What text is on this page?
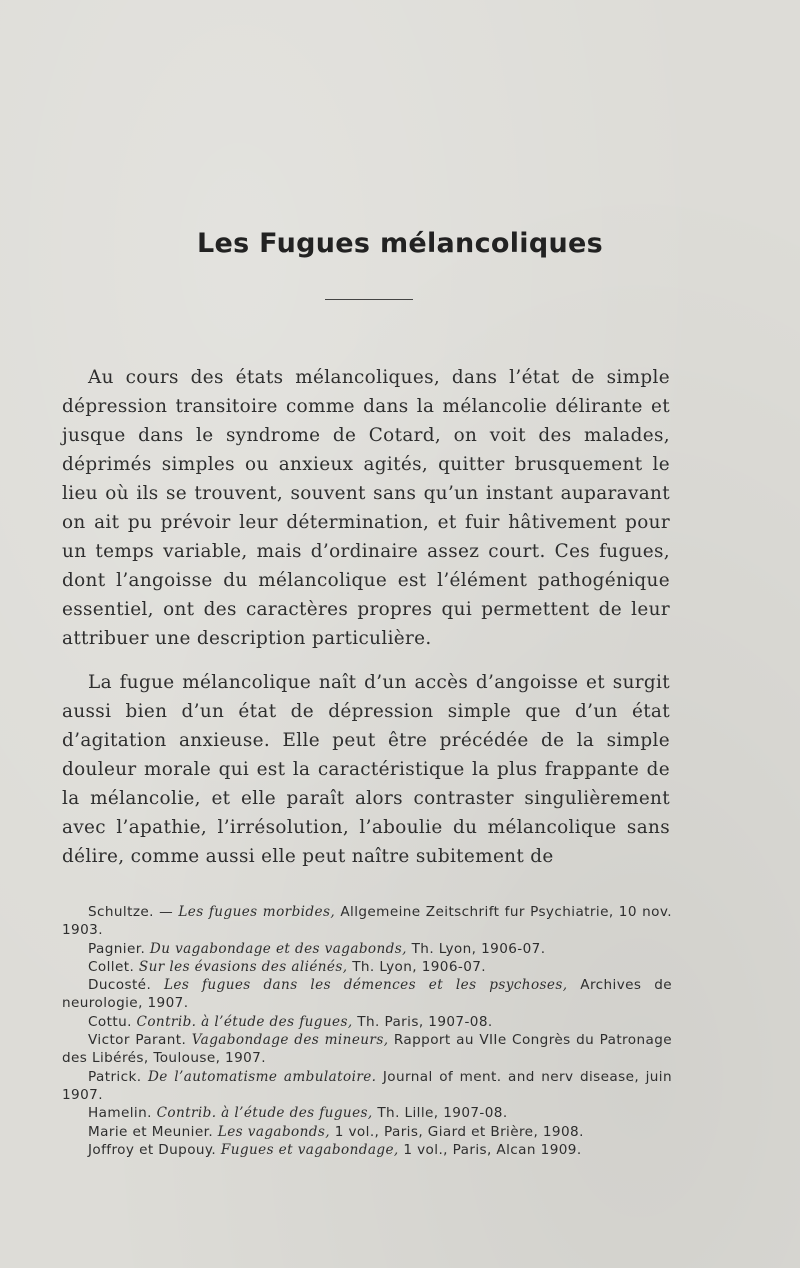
Les Fugues mélancoliques

Au cours des états mélancoliques, dans l’état de simple dépression transitoire comme dans la mélancolie délirante et jusque dans le syndrome de Cotard, on voit des malades, déprimés simples ou anxieux agités, quitter brusquement le lieu où ils se trouvent, souvent sans qu’un instant auparavant on ait pu prévoir leur détermination, et fuir hâtivement pour un temps variable, mais d’ordinaire assez court. Ces fugues, dont l’angoisse du mélancolique est l’élément pathogénique essentiel, ont des caractères propres qui permettent de leur attribuer une description particulière.

La fugue mélancolique naît d’un accès d’angoisse et surgit aussi bien d’un état de dépression simple que d’un état d’agitation anxieuse. Elle peut être précédée de la simple douleur morale qui est la caractéristique la plus frappante de la mélancolie, et elle paraît alors contraster singulièrement avec l’apathie, l’irrésolution, l’aboulie du mélancolique sans délire, comme aussi elle peut naître subitement de

Schultze. — Les fugues morbides, Allgemeine Zeitschrift fur Psychiatrie, 10 nov. 1903.
Pagnier. Du vagabondage et des vagabonds, Th. Lyon, 1906-07.
Collet. Sur les évasions des aliénés, Th. Lyon, 1906-07.
Ducosté. Les fugues dans les démences et les psychoses, Archives de neurologie, 1907.
Cottu. Contrib. à l’étude des fugues, Th. Paris, 1907-08.
Victor Parant. Vagabondage des mineurs, Rapport au VIIe Congrès du Patronage des Libérés, Toulouse, 1907.
Patrick. De l’automatisme ambulatoire. Journal of ment. and nerv disease, juin 1907.
Hamelin. Contrib. à l’étude des fugues, Th. Lille, 1907-08.
Marie et Meunier. Les vagabonds, 1 vol., Paris, Giard et Brière, 1908.
Joffroy et Dupouy. Fugues et vagabondage, 1 vol., Paris, Alcan 1909.
